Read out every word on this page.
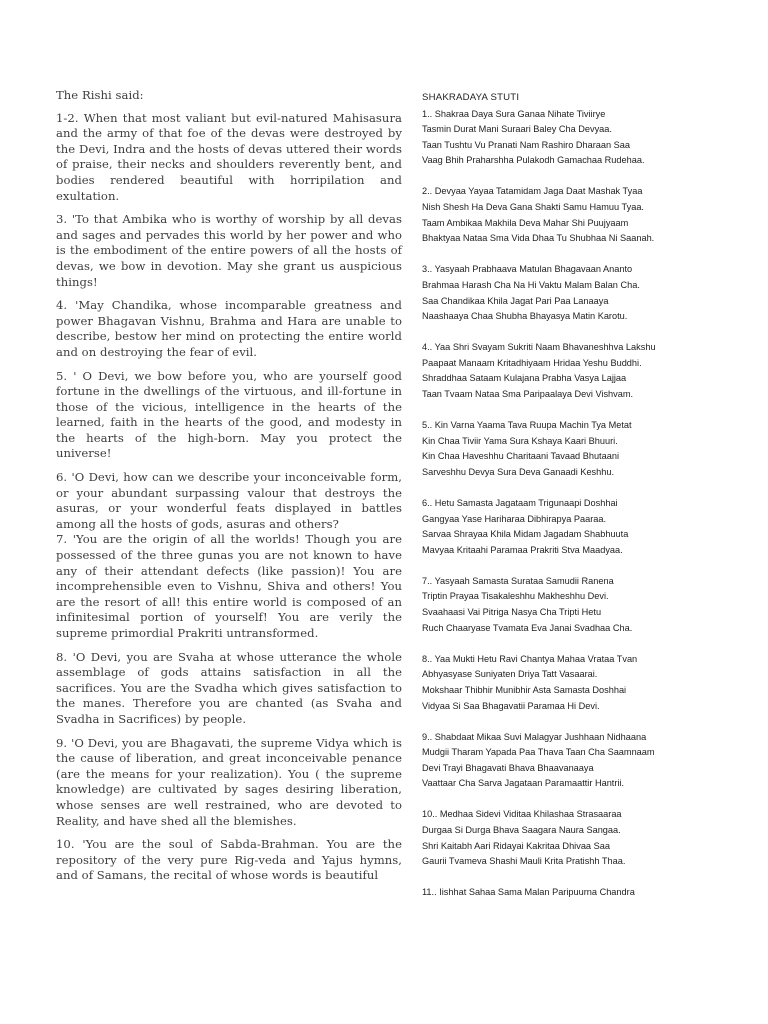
The Rishi said:

1-2. When that most valiant but evil-natured Mahisasura and the army of that foe of the devas were destroyed by the Devi, Indra and the hosts of devas uttered their words of praise, their necks and shoulders reverently bent, and bodies rendered beautiful with horripilation and exultation.

3. 'To that Ambika who is worthy of worship by all devas and sages and pervades this world by her power and who is the embodiment of the entire powers of all the hosts of devas, we bow in devotion. May she grant us auspicious things!

4. 'May Chandika, whose incomparable greatness and power Bhagavan Vishnu, Brahma and Hara are unable to describe, bestow her mind on protecting the entire world and on destroying the fear of evil.

5. ' O Devi, we bow before you, who are yourself good fortune in the dwellings of the virtuous, and ill-fortune in those of the vicious, intelligence in the hearts of the learned, faith in the hearts of the good, and modesty in the hearts of the high-born. May you protect the universe!

6. 'O Devi, how can we describe your inconceivable form, or your abundant surpassing valour that destroys the asuras, or your wonderful feats displayed in battles among all the hosts of gods, asuras and others?

7. 'You are the origin of all the worlds! Though you are possessed of the three gunas you are not known to have any of their attendant defects (like passion)! You are incomprehensible even to Vishnu, Shiva and others! You are the resort of all! this entire world is composed of an infinitesimal portion of yourself! You are verily the supreme primordial Prakriti untransformed.

8. 'O Devi, you are Svaha at whose utterance the whole assemblage of gods attains satisfaction in all the sacrifices. You are the Svadha which gives satisfaction to the manes. Therefore you are chanted (as Svaha and Svadha in Sacrifices) by people.

9. 'O Devi, you are Bhagavati, the supreme Vidya which is the cause of liberation, and great inconceivable penance (are the means for your realization). You ( the supreme knowledge) are cultivated by sages desiring liberation, whose senses are well restrained, who are devoted to Reality, and have shed all the blemishes.

10. 'You are the soul of Sabda-Brahman. You are the repository of the very pure Rig-veda and Yajus hymns, and of Samans, the recital of whose words is beautiful

SHAKRADAYA STUTI
1.. Shakraa Daya Sura Ganaa Nihate Tiviirye
Tasmin Durat Mani Suraari Baley Cha Devyaa.
Taan Tushtu Vu Pranati Nam Rashiro Dharaan Saa
Vaag Bhih Praharshha Pulakodh Gamachaa Rudehaa.
2.. Devyaa Yayaa Tatamidam Jaga Daat Mashak Tyaa
Nish Shesh Ha Deva Gana Shakti Samu Hamuu Tyaa.
Taam Ambikaa Makhila Deva Mahar Shi Puujyaam
Bhaktyaa Nataa Sma Vida Dhaa Tu Shubhaa Ni Saanah.
3.. Yasyaah Prabhaava Matulan Bhagavaan Ananto
Brahmaa Harash Cha Na Hi Vaktu Malam Balan Cha.
Saa Chandikaa Khila Jagat Pari Paa Lanaaya
Naashaaya Chaa Shubha Bhayasya Matin Karotu.
4.. Yaa Shri Svayam Sukriti Naam Bhavaneshhva Lakshu
Paapaat Manaam Kritadhiyaam Hridaa Yeshu Buddhi.
Shraddhaa Sataam Kulajana Prabha Vasya Lajjaa
Taan Tvaam Nataa Sma Paripaalaya Devi Vishvam.
5.. Kin Varna Yaama Tava Ruupa Machin Tya Metat
Kin Chaa Tiviir Yama Sura Kshaya Kaari Bhuuri.
Kin Chaa Haveshhu Charitaani Tavaad Bhutaani
Sarveshhu Devya Sura Deva Ganaadi Keshhu.
6.. Hetu Samasta Jagataam Trigunaapi Doshhai
Gangyaa Yase Hariharaa Dibhirapya Paaraa.
Sarvaa Shrayaa Khila Midam Jagadam Shabhuuta
Mavyaa Kritaahi Paramaa Prakriti Stva Maadyaa.
7.. Yasyaah Samasta Surataa Samudii Ranena
Triptin Prayaa Tisakaleshhu Makheshhu Devi.
Svaahaasi Vai Pitriga Nasya Cha Tripti Hetu
Ruch Chaaryase Tvamata Eva Janai Svadhaa Cha.
8.. Yaa Mukti Hetu Ravi Chantya Mahaa Vrataa Tvan
Abhyasyase Suniyaten Driya Tatt Vasaarai.
Mokshaar Thibhir Munibhir Asta Samasta Doshhai
Vidyaa Si Saa Bhagavatii Paramaa Hi Devi.
9.. Shabdaat Mikaa Suvi Malagyar Jushhaan Nidhaana
Mudgii Tharam Yapada Paa Thava Taan Cha Saamnaam
Devi Trayi Bhagavati Bhava Bhaavanaaya
Vaattaar Cha Sarva Jagataan Paramaattir Hantrii.
10.. Medhaa Sidevi Viditaa Khilashaa Strasaaraa
Durgaa Si Durga Bhava Saagara Naura Sangaa.
Shri Kaitabh Aari Ridayai Kakritaa Dhivaa Saa
Gaurii Tvameva Shashi Mauli Krita Pratishh Thaa.
11.. Iishhat Sahaa Sama Malan Paripuurna Chandra
